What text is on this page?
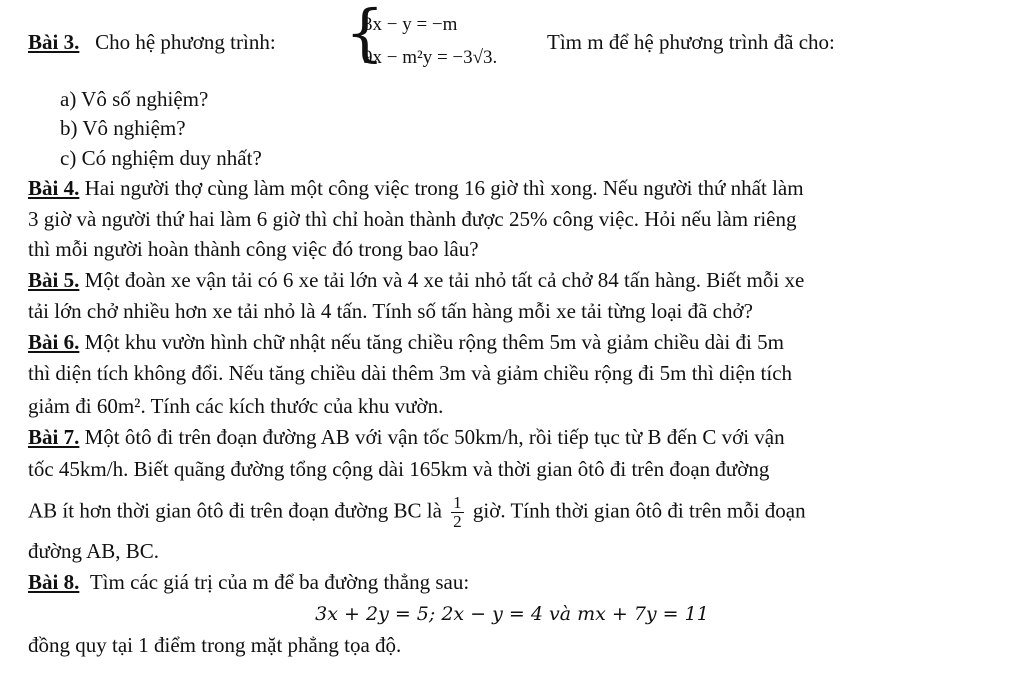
Bài 3. Cho hệ phương trình: {
3x − y = −m
9x − m²y = −3√3.
Tìm m để hệ phương trình đã cho:
a) Vô số nghiệm?
b) Vô nghiệm?
c) Có nghiệm duy nhất?
Bài 4. Hai người thợ cùng làm một công việc trong 16 giờ thì xong. Nếu người thứ nhất làm
3 giờ và người thứ hai làm 6 giờ thì chỉ hoàn thành được 25% công việc. Hỏi nếu làm riêng
thì mỗi người hoàn thành công việc đó trong bao lâu?
Bài 5. Một đoàn xe vận tải có 6 xe tải lớn và 4 xe tải nhỏ tất cả chở 84 tấn hàng. Biết mỗi xe
tải lớn chở nhiều hơn xe tải nhỏ là 4 tấn. Tính số tấn hàng mỗi xe tải từng loại đã chở?
Bài 6. Một khu vườn hình chữ nhật nếu tăng chiều rộng thêm 5m và giảm chiều dài đi 5m
thì diện tích không đổi. Nếu tăng chiều dài thêm 3m và giảm chiều rộng đi 5m thì diện tích
giảm đi 60m². Tính các kích thước của khu vườn.
Bài 7. Một ôtô đi trên đoạn đường AB với vận tốc 50km/h, rồi tiếp tục từ B đến C với vận
tốc 45km/h. Biết quãng đường tổng cộng dài 165km và thời gian ôtô đi trên đoạn đường
AB ít hơn thời gian ôtô đi trên đoạn đường BC là $\frac{1}{2}$ giờ. Tính thời gian ôtô đi trên mỗi đoạn
đường AB, BC.
Bài 8. Tìm các giá trị của m để ba đường thẳng sau:
3x + 2y = 5; 2x − y = 4 và mx + 7y = 11
đồng quy tại 1 điểm trong mặt phẳng tọa độ.
